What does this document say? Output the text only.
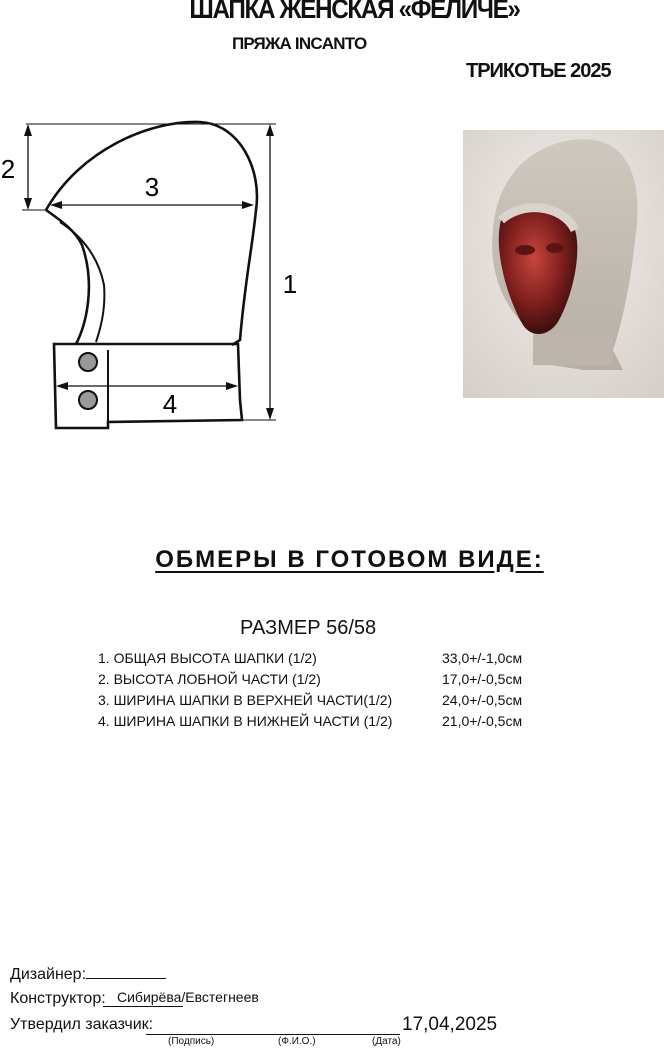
ШАПКА ЖЕНСКАЯ «ФЕЛИЧЕ»
ПРЯЖА INCANTO
ТРИКОТЬЕ 2025
1
2
3
4
ОБМЕРЫ В ГОТОВОМ ВИДЕ:
РАЗМЕР 56/58
1. ОБЩАЯ ВЫСОТА ШАПКИ (1/2)	33,0+/-1,0см
2. ВЫСОТА ЛОБНОЙ ЧАСТИ (1/2)	17,0+/-0,5см
3. ШИРИНА ШАПКИ В ВЕРХНЕЙ ЧАСТИ(1/2)	24,0+/-0,5см
4. ШИРИНА ШАПКИ В НИЖНЕЙ ЧАСТИ (1/2)	21,0+/-0,5см
Дизайнер:
Конструктор: Сибирёва/Евстегнеев
Утвердил заказчик:	17,04,2025
(Подпись)	(Ф.И.О.)	(Дата)
